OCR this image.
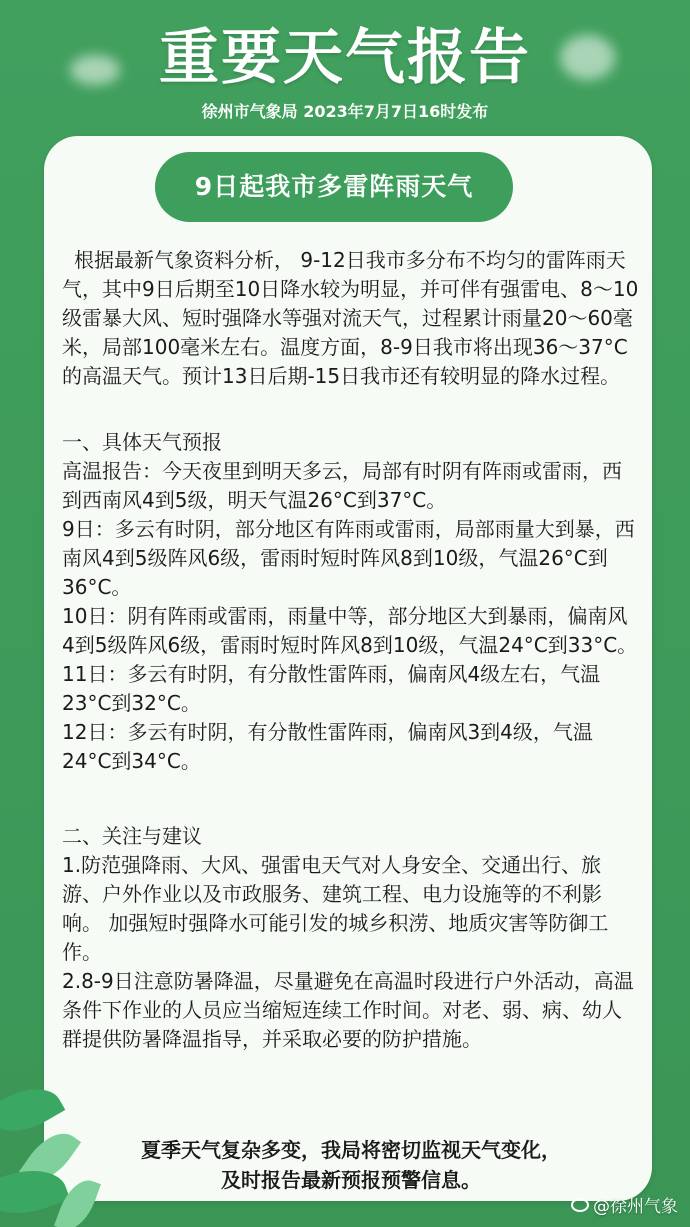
重要天气报告
徐州市气象局 2023年7月7日16时发布
9日起我市多雷阵雨天气
根据最新气象资料分析， 9-12日我市多分布不均匀的雷阵雨天气，其中9日后期至10日降水较为明显，并可伴有强雷电、8～10级雷暴大风、短时强降水等强对流天气，过程累计雨量20～60毫米，局部100毫米左右。温度方面，8-9日我市将出现36～37°C的高温天气。预计13日后期-15日我市还有较明显的降水过程。

一、具体天气预报

高温报告：今天夜里到明天多云，局部有时阴有阵雨或雷雨，西到西南风4到5级，明天气温26°C到37°C。

9日：多云有时阴，部分地区有阵雨或雷雨，局部雨量大到暴，西南风4到5级阵风6级，雷雨时短时阵风8到10级，气温26°C到36°C。

10日：阴有阵雨或雷雨，雨量中等，部分地区大到暴雨，偏南风4到5级阵风6级，雷雨时短时阵风8到10级，气温24°C到33°C。

11日：多云有时阴，有分散性雷阵雨，偏南风4级左右，气温23°C到32°C。

12日：多云有时阴，有分散性雷阵雨，偏南风3到4级，气温24°C到34°C。

二、关注与建议

1.防范强降雨、大风、强雷电天气对人身安全、交通出行、旅游、户外作业以及市政服务、建筑工程、电力设施等的不利影响。 加强短时强降水可能引发的城乡积涝、地质灾害等防御工作。

2.8-9日注意防暑降温，尽量避免在高温时段进行户外活动，高温条件下作业的人员应当缩短连续工作时间。对老、弱、病、幼人群提供防暑降温指导，并采取必要的防护措施。

夏季天气复杂多变，我局将密切监视天气变化，
及时报告最新预报预警信息。
@徐州气象
